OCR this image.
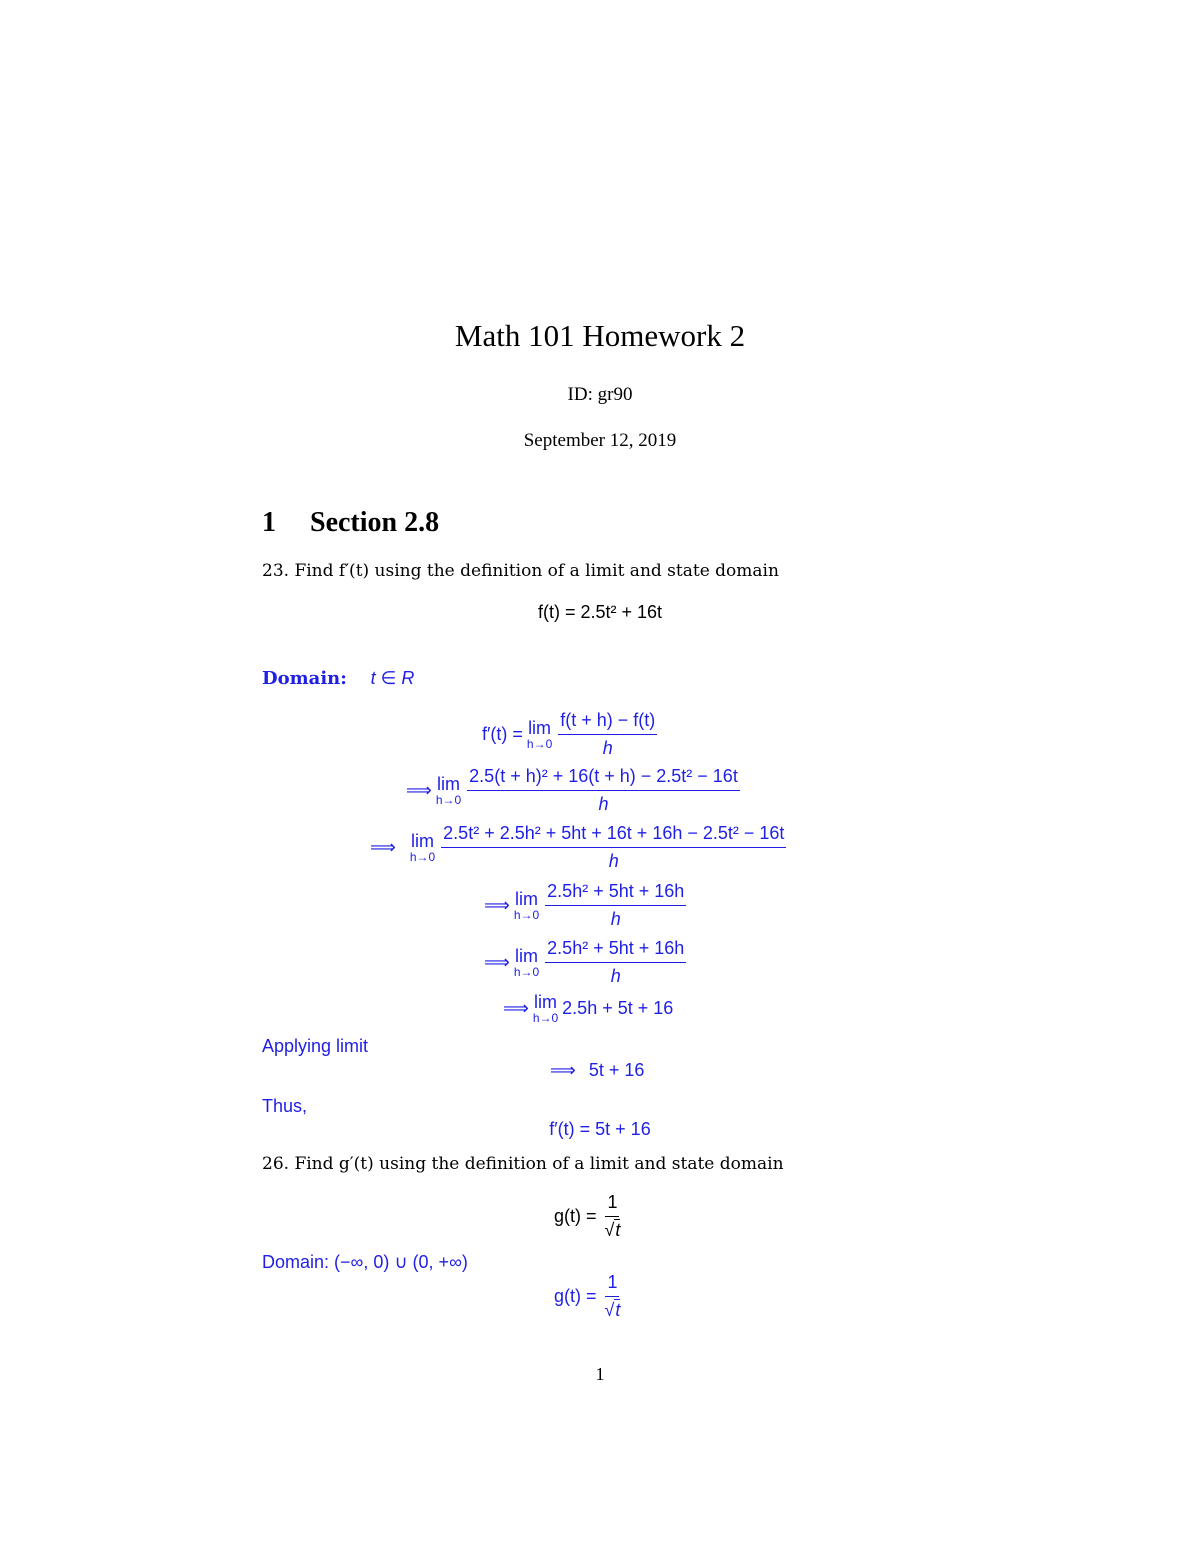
Math 101 Homework 2
ID: gr90
September 12, 2019
1 Section 2.8
23. Find f′(t) using the definition of a limit and state domain
f(t) = 2.5t² + 16t
Domain: t ∈ R
f′(t) = lim
$h\to 0 \frac{f(t + h) - f(t)}{h}$
⟹ lim
$h\to 0 \frac{\text{2.5(t + h)² + 16(t + h) − 2.5t² − 16t}}{h}$
⟹ lim
$h\to 0 \frac{\text{2.5t² + 2.5h² + 5ht + 16t + 16h − 2.5t² − 16t}}{h}$
⟹ lim
$h\to 0 \frac{\text{2.5h² + 5ht + 16h}}{h}$
⟹ lim
$h\to 0 \frac{\text{2.5h² + 5ht + 16h}}{h}$
⟹ lim
h→0 2.5h + 5t + 16
Applying limit
⟹ 5t + 16
Thus,
f′(t) = 5t + 16
26. Find g′(t) using the definition of a limit and state domain
$g(t) = \frac{1}{√t}$
Domain: (−∞, 0) ∪ (0, +∞)
$g(t) = \frac{1}{√t}$
1
